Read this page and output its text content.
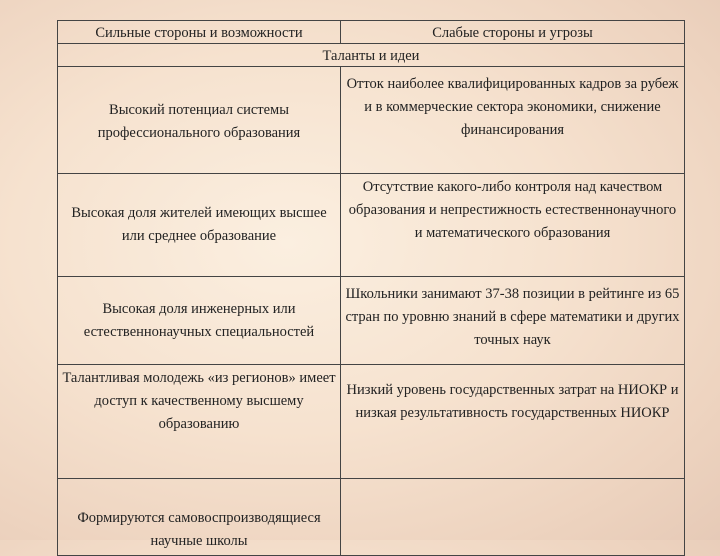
Сильные стороны и возможности	Слабые стороны и угрозы
Таланты и идеи	
Высокий потенциал системы профессионального образования	Отток наиболее квалифицированных кадров за рубеж и в коммерческие сектора экономики, снижение финансирования
Высокая доля жителей имеющих высшее или среднее образование	Отсутствие какого-либо контроля над качеством образования и непрестижность естественнонаучного и математического образования
Высокая доля инженерных или естественнонаучных специальностей	Школьники занимают 37-38 позиции в рейтинге из 65 стран по уровню знаний в сфере математики и других точных наук
Талантливая молодежь «из регионов» имеет доступ к качественному высшему образованию	Низкий уровень государственных затрат на НИОКР и низкая результативность государственных НИОКР
Формируются самовоспроизводящиеся научные школы	
